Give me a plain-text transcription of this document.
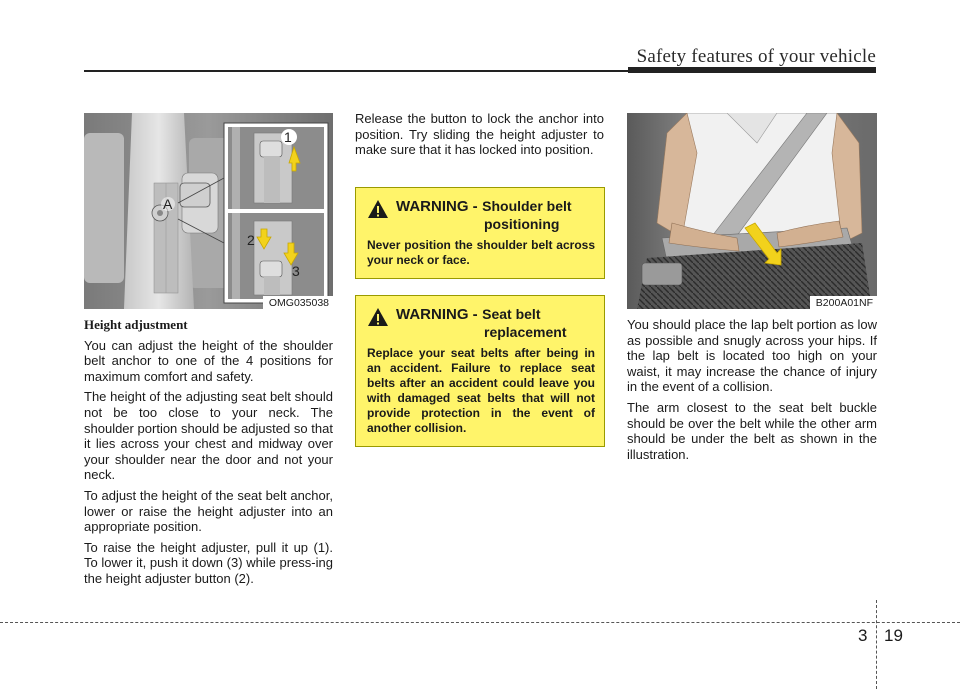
Safety features of your vehicle
A
1
2
3
OMG035038
Height adjustment

You can adjust the height of the shoulder belt anchor to one of the 4 positions for maximum comfort and safety.

The height of the adjusting seat belt should not be too close to your neck. The shoulder portion should be adjusted so that it lies across your chest and midway over your shoulder near the door and not your neck.

To adjust the height of the seat belt anchor, lower or raise the height adjuster into an appropriate position.

To raise the height adjuster, pull it up (1). To lower it, push it down (3) while press-ing the height adjuster button (2).

Release the button to lock the anchor into position. Try sliding the height adjuster to make sure that it has locked into position.

WARNING - Shoulder belt
positioning
Never position the shoulder belt across your neck or face.
WARNING - Seat belt
replacement
Replace your seat belts after being in an accident. Failure to replace seat belts after an accident could leave you with damaged seat belts that will not provide protection in the event of another collision.
B200A01NF

You should place the lap belt portion as low as possible and snugly across your hips. If the lap belt is located too high on your waist, it may increase the chance of injury in the event of a collision.

The arm closest to the seat belt buckle should be over the belt while the other arm should be under the belt as shown in the illustration.

3 19
